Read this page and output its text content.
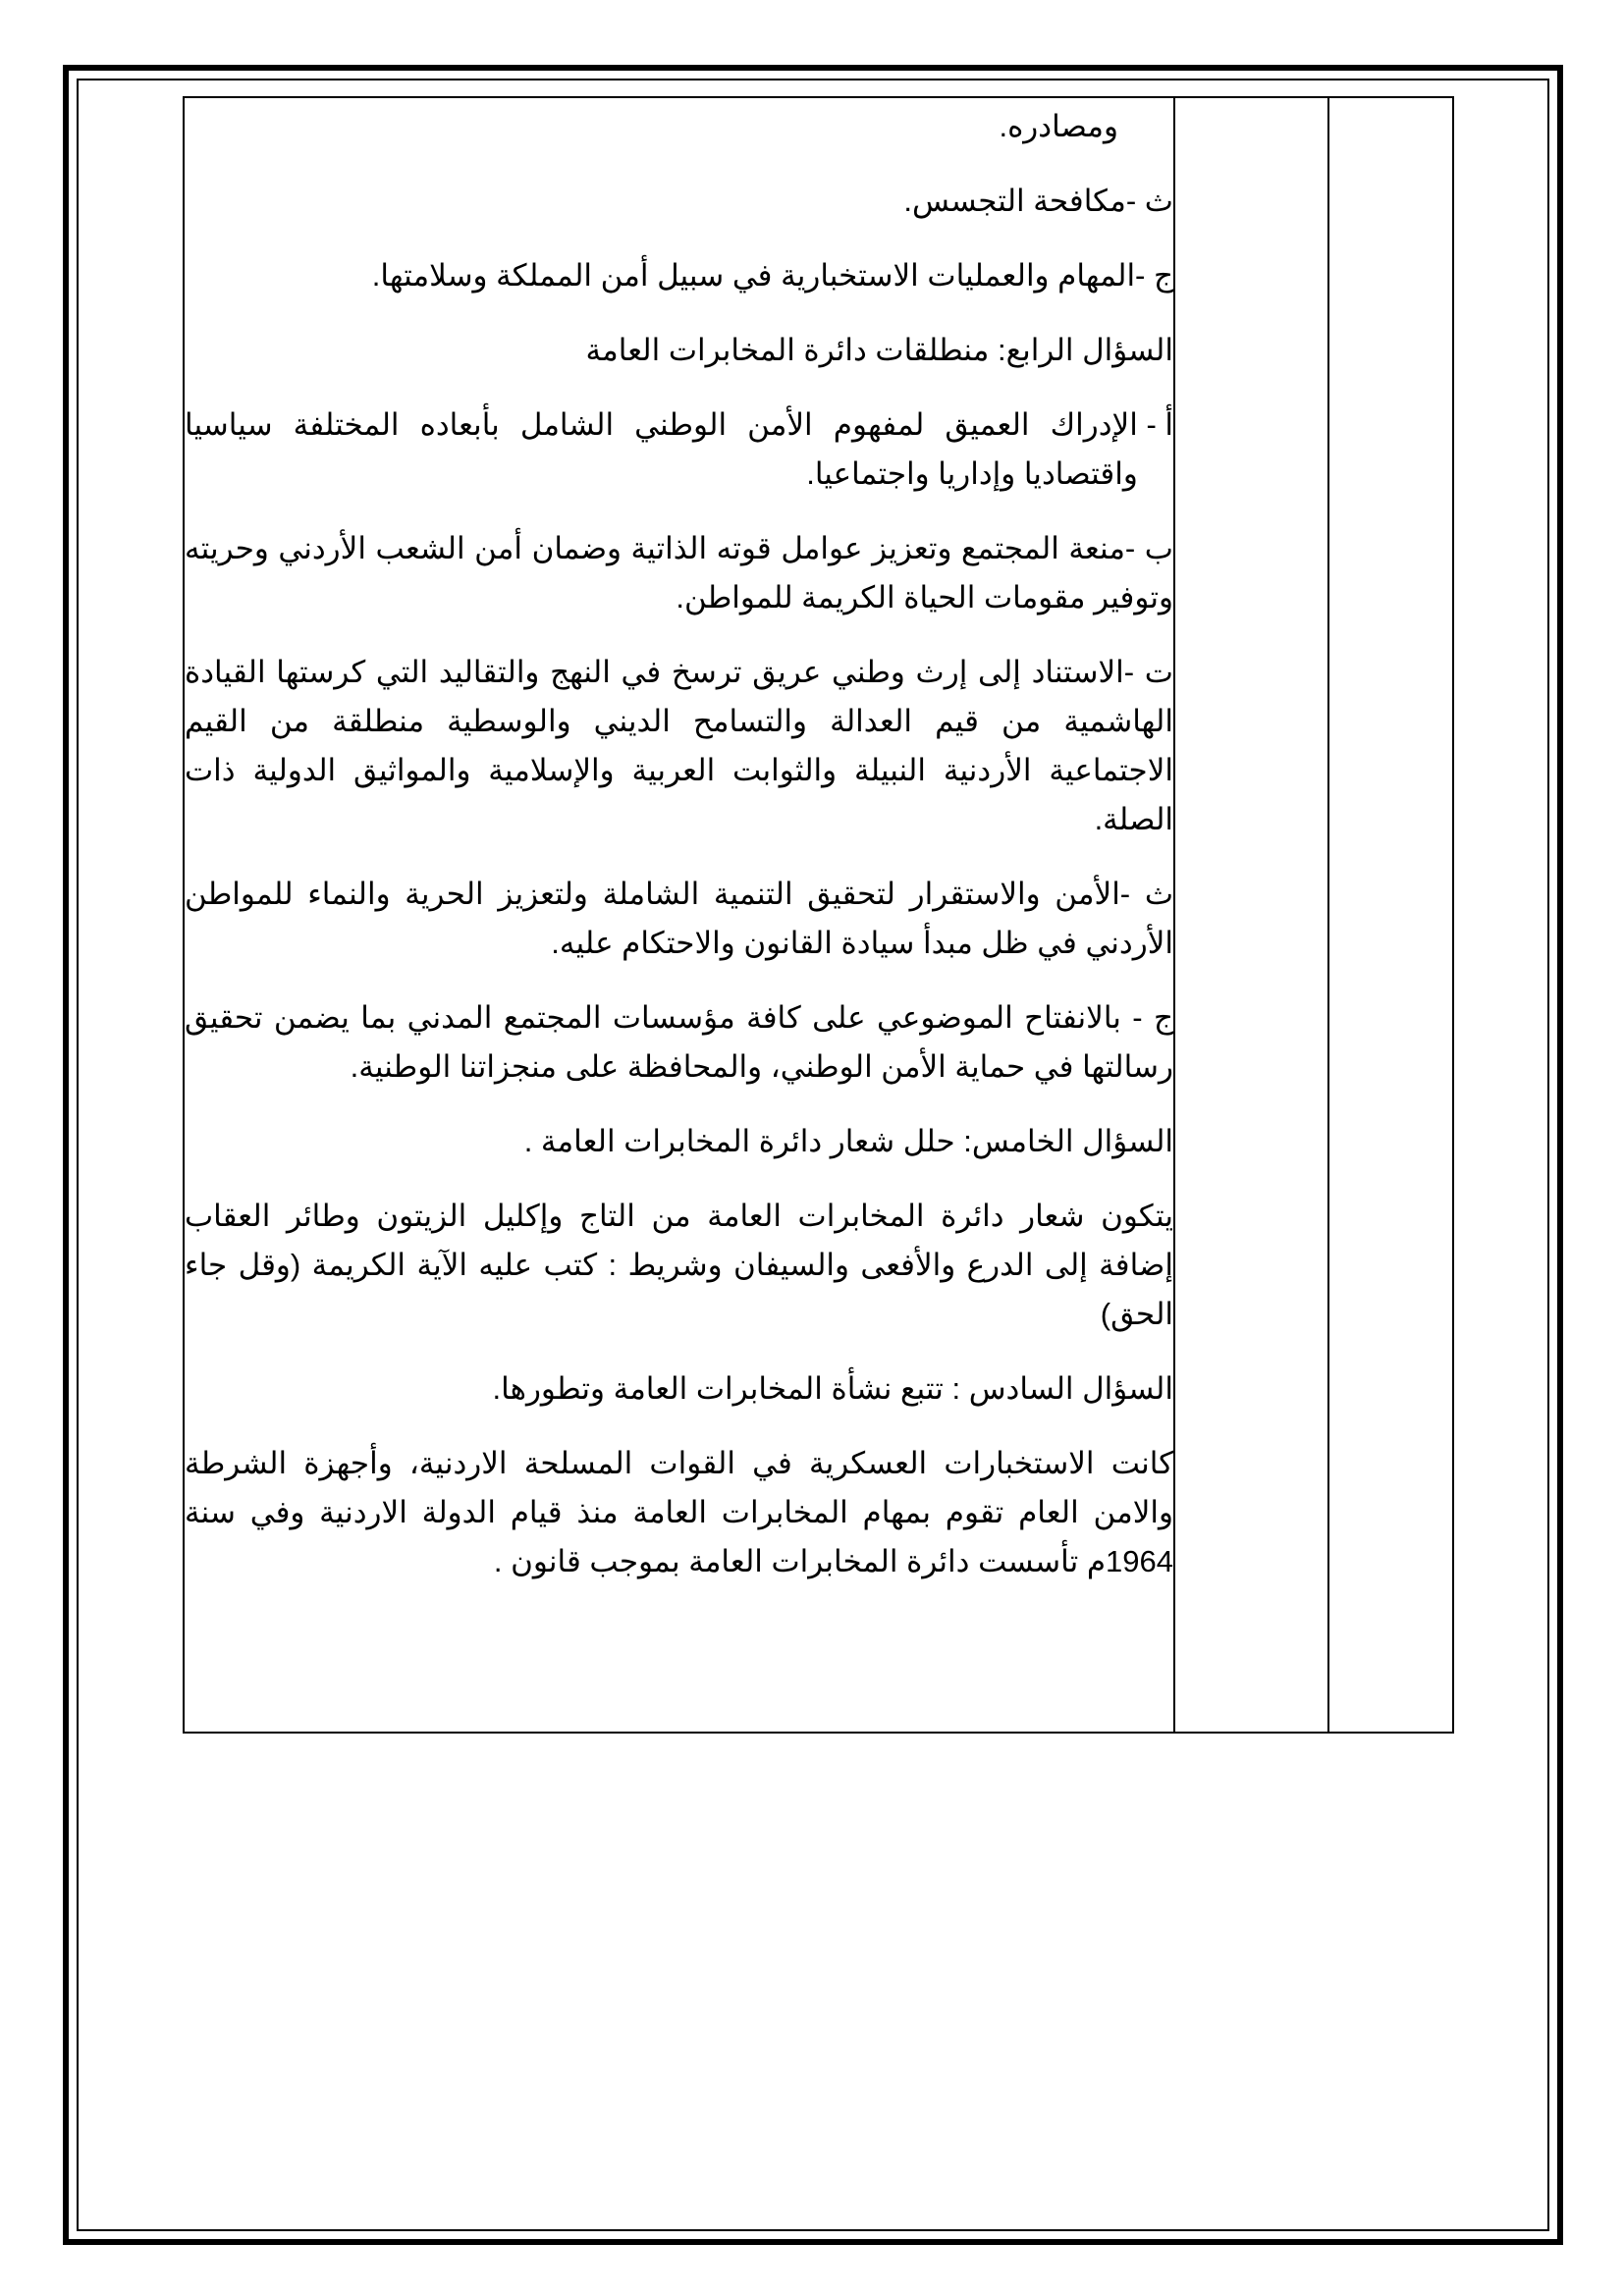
ومصادره.

ث -مكافحة التجسس.

ج -المهام والعمليات الاستخبارية في سبيل أمن المملكة وسلامتها.

السؤال الرابع: منطلقات دائرة المخابرات العامة

أ -
الإدراك العميق لمفهوم الأمن الوطني الشامل بأبعاده المختلفة سياسيا واقتصاديا وإداريا واجتماعيا.

ب -منعة المجتمع وتعزيز عوامل قوته الذاتية وضمان أمن الشعب الأردني وحريته وتوفير مقومات الحياة الكريمة للمواطن.

ت -الاستناد إلى إرث وطني عريق ترسخ في النهج والتقاليد التي كرستها القيادة الهاشمية من قيم العدالة والتسامح الديني والوسطية منطلقة من القيم الاجتماعية الأردنية النبيلة والثوابت العربية والإسلامية والمواثيق الدولية ذات الصلة.

ث -الأمن والاستقرار لتحقيق التنمية الشاملة ولتعزيز الحرية والنماء للمواطن الأردني في ظل مبدأ سيادة القانون والاحتكام عليه.

ج - بالانفتاح الموضوعي على كافة مؤسسات المجتمع المدني بما يضمن تحقيق رسالتها في حماية الأمن الوطني، والمحافظة على منجزاتنا الوطنية.

السؤال الخامس: حلل شعار دائرة المخابرات العامة .

يتكون شعار دائرة المخابرات العامة من التاج وإكليل الزيتون وطائر العقاب إضافة إلى الدرع والأفعى والسيفان وشريط : كتب عليه الآية الكريمة (وقل جاء الحق)

السؤال السادس : تتبع نشأة المخابرات العامة وتطورها.

كانت الاستخبارات العسكرية في القوات المسلحة الاردنية، وأجهزة الشرطة والامن العام تقوم بمهام المخابرات العامة منذ قيام الدولة الاردنية وفي سنة 1964م تأسست دائرة المخابرات العامة بموجب قانون .
